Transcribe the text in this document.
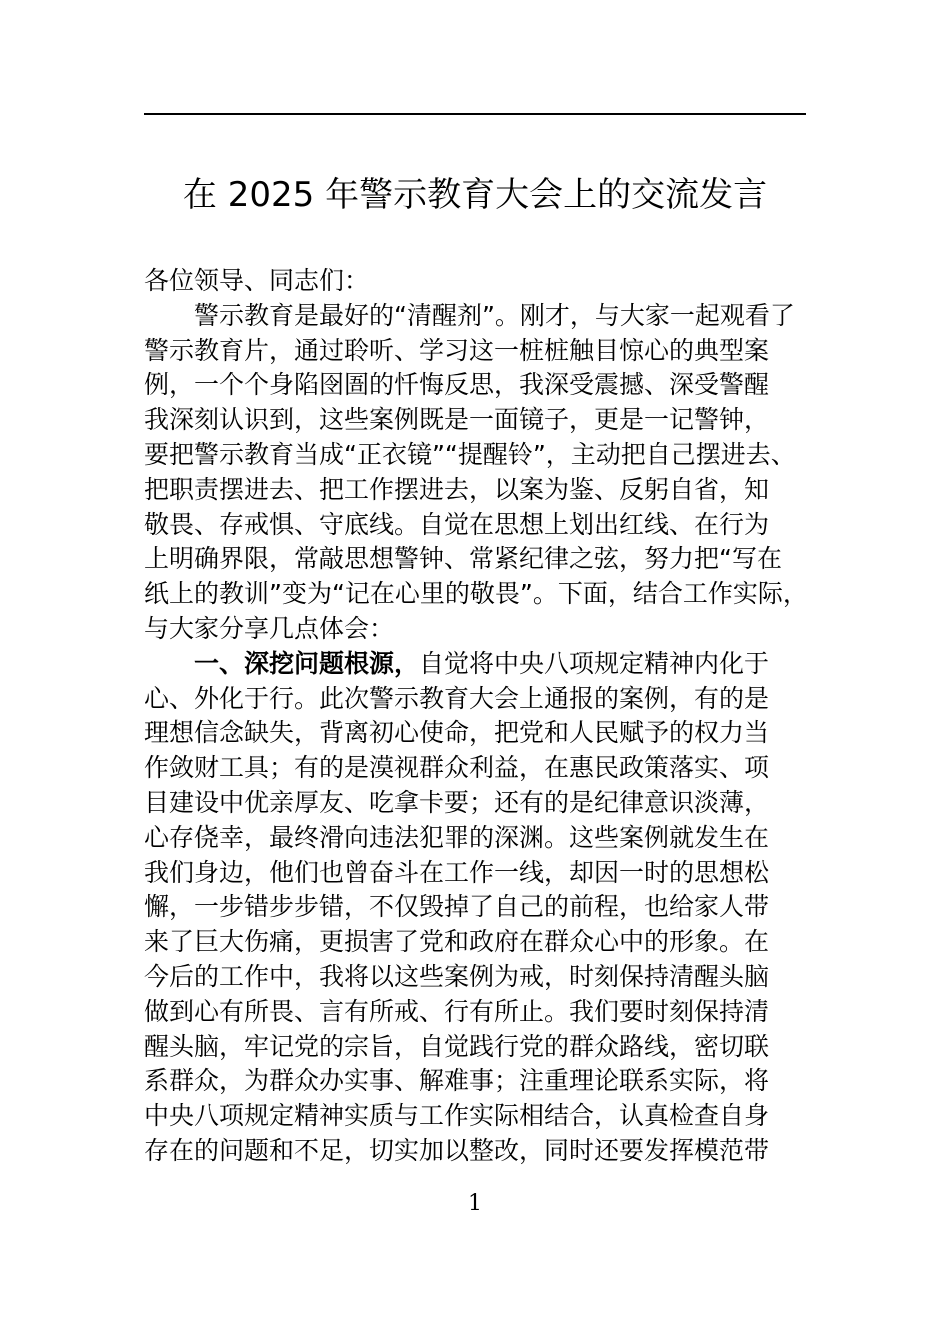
在 2025 年警示教育大会上的交流发言
各位领导、同志们：
警示教育是最好的“清醒剂”。刚才，与大家一起观看了
警示教育片，通过聆听、学习这一桩桩触目惊心的典型案
例，一个个身陷囹圄的忏悔反思，我深受震撼、深受警醒
我深刻认识到，这些案例既是一面镜子，更是一记警钟，
要把警示教育当成“正衣镜”“提醒铃”，主动把自己摆进去、
把职责摆进去、把工作摆进去，以案为鉴、反躬自省，知
敬畏、存戒惧、守底线。自觉在思想上划出红线、在行为
上明确界限，常敲思想警钟、常紧纪律之弦，努力把“写在
纸上的教训”变为“记在心里的敬畏”。下面，结合工作实际，
与大家分享几点体会：
一、深挖问题根源，自觉将中央八项规定精神内化于
心、外化于行。此次警示教育大会上通报的案例，有的是
理想信念缺失，背离初心使命，把党和人民赋予的权力当
作敛财工具；有的是漠视群众利益，在惠民政策落实、项
目建设中优亲厚友、吃拿卡要；还有的是纪律意识淡薄，
心存侥幸，最终滑向违法犯罪的深渊。这些案例就发生在
我们身边，他们也曾奋斗在工作一线，却因一时的思想松
懈，一步错步步错，不仅毁掉了自己的前程，也给家人带
来了巨大伤痛，更损害了党和政府在群众心中的形象。在
今后的工作中，我将以这些案例为戒，时刻保持清醒头脑
做到心有所畏、言有所戒、行有所止。我们要时刻保持清
醒头脑，牢记党的宗旨，自觉践行党的群众路线，密切联
系群众，为群众办实事、解难事；注重理论联系实际，将
中央八项规定精神实质与工作实际相结合，认真检查自身
存在的问题和不足，切实加以整改，同时还要发挥模范带
1
